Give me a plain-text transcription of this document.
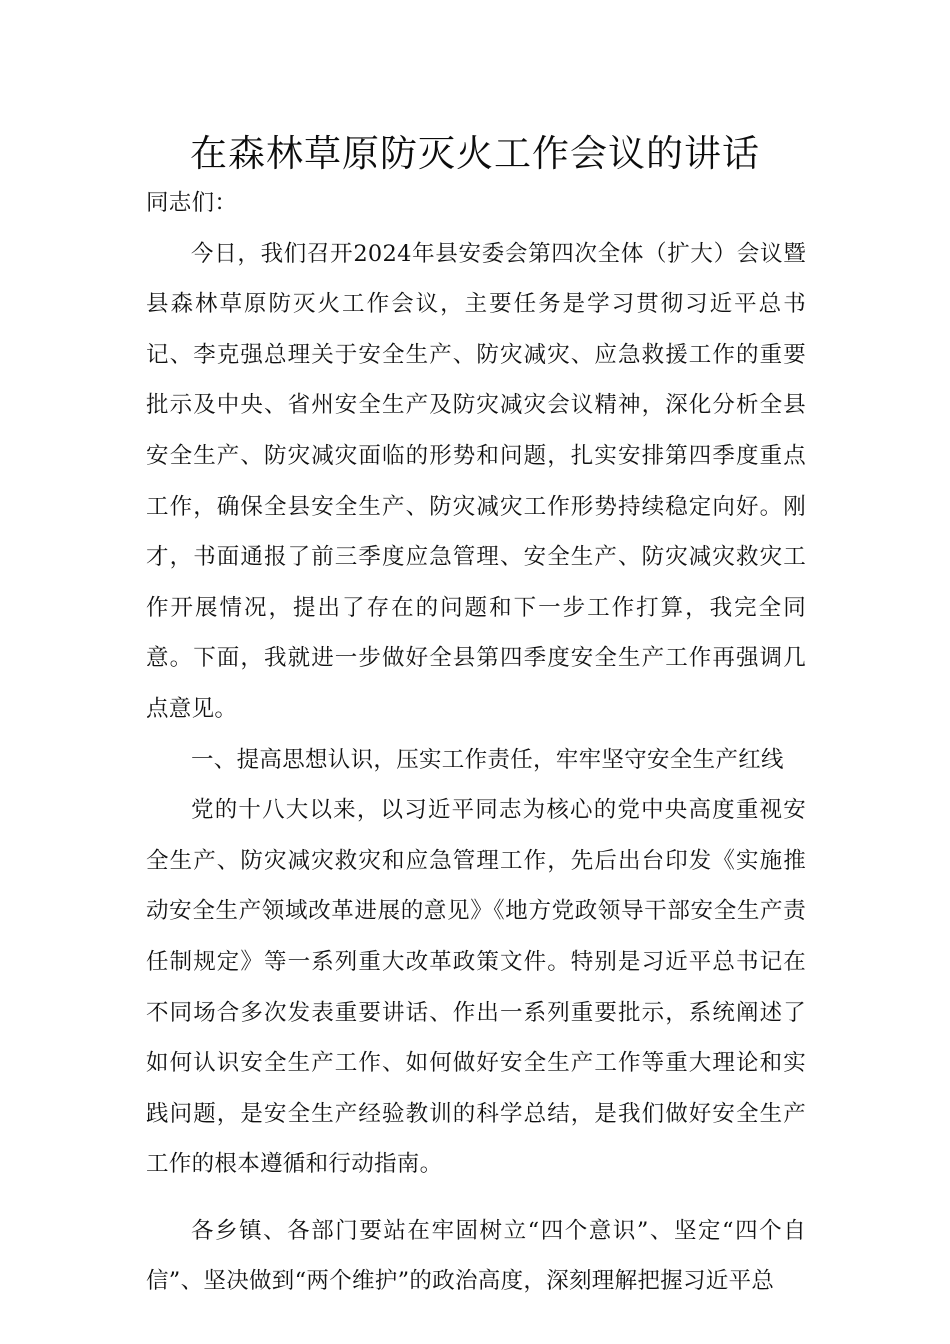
在森林草原防灭火工作会议的讲话

同志们：

今日，我们召开2024年县安委会第四次全体（扩大）会议暨县森林草原防灭火工作会议，主要任务是学习贯彻习近平总书记、李克强总理关于安全生产、防灾减灾、应急救援工作的重要批示及中央、省州安全生产及防灾减灾会议精神，深化分析全县安全生产、防灾减灾面临的形势和问题，扎实安排第四季度重点工作，确保全县安全生产、防灾减灾工作形势持续稳定向好。刚才，书面通报了前三季度应急管理、安全生产、防灾减灾救灾工作开展情况，提出了存在的问题和下一步工作打算，我完全同意。下面，我就进一步做好全县第四季度安全生产工作再强调几点意见。

一、提高思想认识，压实工作责任，牢牢坚守安全生产红线

党的十八大以来，以习近平同志为核心的党中央高度重视安全生产、防灾减灾救灾和应急管理工作，先后出台印发《实施推动安全生产领域改革进展的意见》《地方党政领导干部安全生产责任制规定》等一系列重大改革政策文件。特别是习近平总书记在不同场合多次发表重要讲话、作出一系列重要批示，系统阐述了如何认识安全生产工作、如何做好安全生产工作等重大理论和实践问题，是安全生产经验教训的科学总结，是我们做好安全生产工作的根本遵循和行动指南。

各乡镇、各部门要站在牢固树立“四个意识”、坚定“四个自信”、坚决做到“两个维护”的政治高度，深刻理解把握习近平总
